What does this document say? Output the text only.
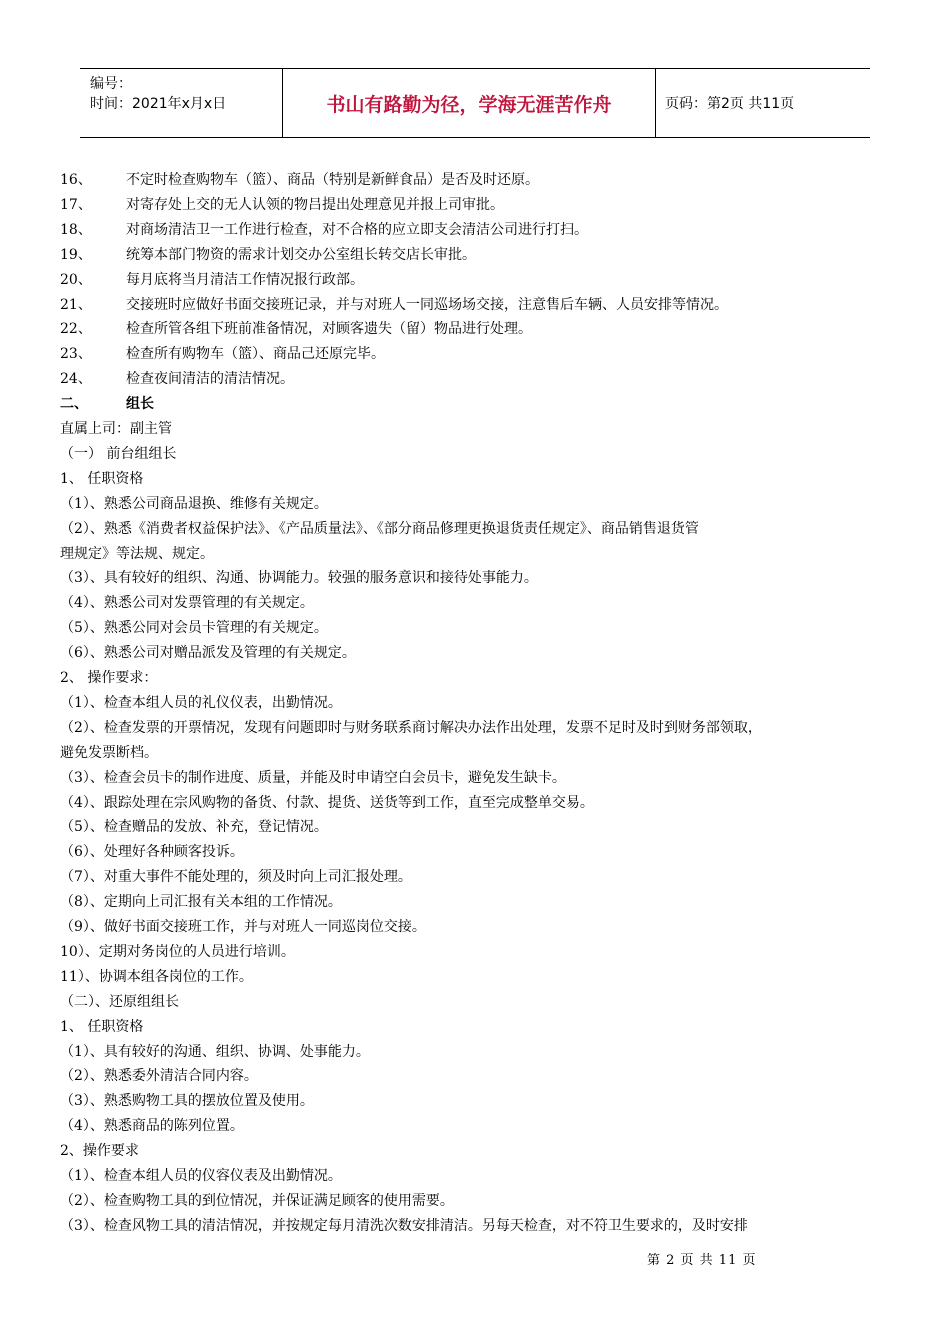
编号：
时间：2021年x月x日	书山有路勤为径，学海无涯苦作舟	页码：第2页 共11页
16、 不定时检查购物车（篮）、商品（特别是新鲜食品）是否及时还原。
17、 对寄存处上交的无人认领的物吕提出处理意见并报上司审批。
18、 对商场清洁卫一工作进行检查，对不合格的应立即支会清洁公司进行打扫。
19、 统筹本部门物资的需求计划交办公室组长转交店长审批。
20、 每月底将当月清洁工作情况报行政部。
21、 交接班时应做好书面交接班记录，并与对班人一同巡场场交接，注意售后车辆、人员安排等情况。
22、 检查所管各组下班前准备情况，对顾客遗失（留）物品进行处理。
23、 检查所有购物车（篮）、商品己还原完毕。
24、 检查夜间清洁的清洁情况。
二、	组长
直属上司：副主管
（一） 前台组组长
1、 任职资格
（1）、熟悉公司商品退换、维修有关规定。
（2）、熟悉《消费者权益保护法》、《产品质量法》、《部分商品修理更换退货责任规定》、商品销售退货管
理规定》等法规、规定。
（3）、具有较好的组织、沟通、协调能力。较强的服务意识和接待处事能力。
（4）、熟悉公司对发票管理的有关规定。
（5）、熟悉公同对会员卡管理的有关规定。
（6）、熟悉公司对赠品派发及管理的有关规定。
2、 操作要求：
（1）、检查本组人员的礼仪仪表，出勤情况。
（2）、检查发票的开票情况，发现有问题即时与财务联系商讨解决办法作出处理，发票不足时及时到财务部领取，
避免发票断档。
（3）、检查会员卡的制作进度、质量，并能及时申请空白会员卡，避免发生缺卡。
（4）、跟踪处理在宗风购物的备货、付款、提货、送货等到工作，直至完成整单交易。
（5）、检查赠品的发放、补充，登记情况。
（6）、处理好各种顾客投诉。
（7）、对重大事件不能处理的，须及时向上司汇报处理。
（8）、定期向上司汇报有关本组的工作情况。
（9）、做好书面交接班工作，并与对班人一同巡岗位交接。
10）、定期对务岗位的人员进行培训。
11）、协调本组各岗位的工作。
（二）、还原组组长
1、 任职资格
（1）、具有较好的沟通、组织、协调、处事能力。
（2）、熟悉委外清洁合同内容。
（3）、熟悉购物工具的摆放位置及使用。
（4）、熟悉商品的陈列位置。
2、操作要求
（1）、检查本组人员的仪容仪表及出勤情况。
（2）、检查购物工具的到位情况，并保证满足顾客的使用需要。
（3）、检查风物工具的清洁情况，并按规定每月清洗次数安排清洁。另每天检查，对不符卫生要求的，及时安排
第 2 页 共 11 页
